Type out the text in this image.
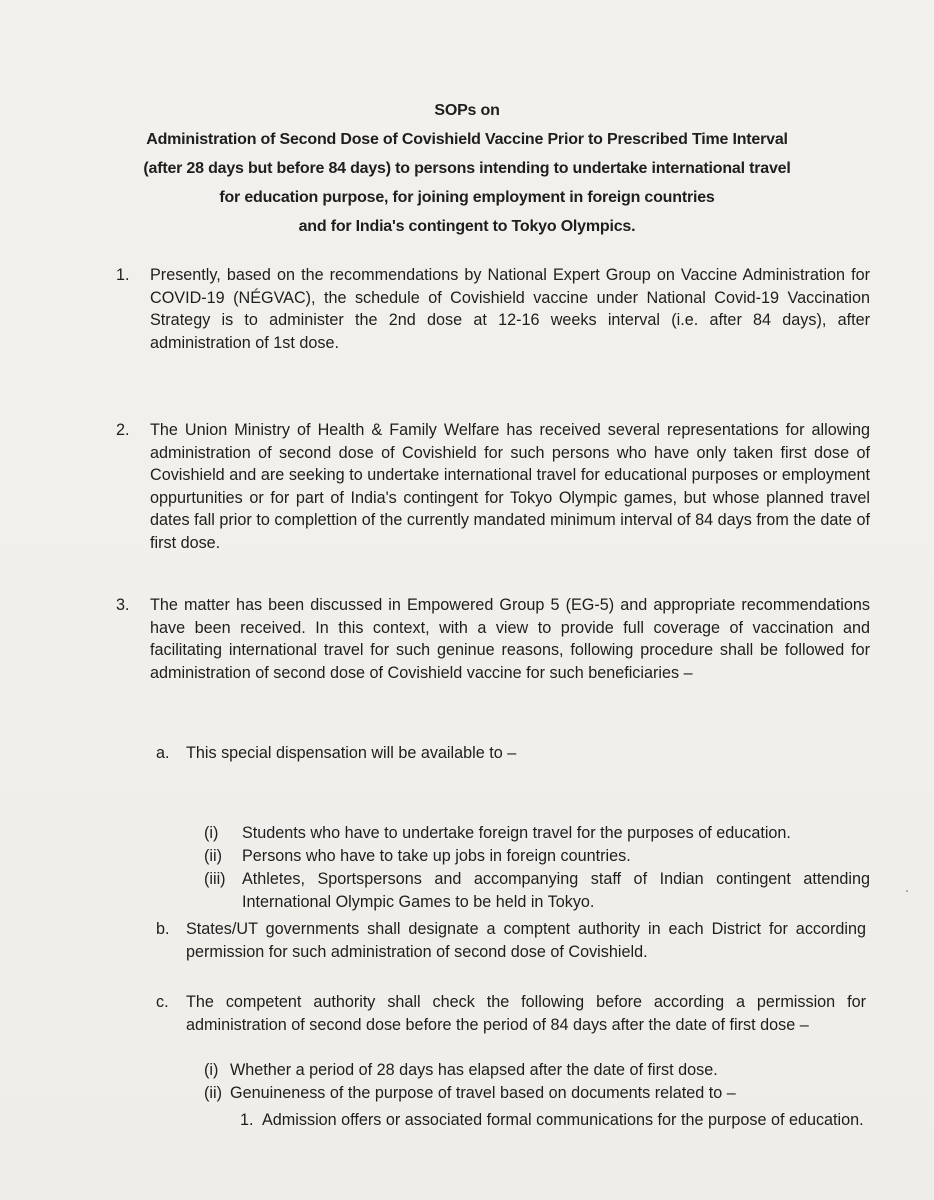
SOPs on
Administration of Second Dose of Covishield Vaccine Prior to Prescribed Time Interval
(after 28 days but before 84 days) to persons intending to undertake international travel
for education purpose, for joining employment in foreign countries
and for India's contingent to Tokyo Olympics.
1. Presently, based on the recommendations by National Expert Group on Vaccine Administration for COVID-19 (NÉGVAC), the schedule of Covishield vaccine under National Covid-19 Vaccination Strategy is to administer the 2nd dose at 12-16 weeks interval (i.e. after 84 days), after administration of 1st dose.
2. The Union Ministry of Health & Family Welfare has received several representations for allowing administration of second dose of Covishield for such persons who have only taken first dose of Covishield and are seeking to undertake international travel for educational purposes or employment oppurtunities or for part of India's contingent for Tokyo Olympic games, but whose planned travel dates fall prior to complettion of the currently mandated minimum interval of 84 days from the date of first dose.
3. The matter has been discussed in Empowered Group 5 (EG-5) and appropriate recommendations have been received. In this context, with a view to provide full coverage of vaccination and facilitating international travel for such geninue reasons, following procedure shall be followed for administration of second dose of Covishield vaccine for such beneficiaries –
a. This special dispensation will be available to –
(i) Students who have to undertake foreign travel for the purposes of education.
(ii) Persons who have to take up jobs in foreign countries.
(iii) Athletes, Sportspersons and accompanying staff of Indian contingent attending International Olympic Games to be held in Tokyo.
b. States/UT governments shall designate a comptent authority in each District for according permission for such administration of second dose of Covishield.
c. The competent authority shall check the following before according a permission for administration of second dose before the period of 84 days after the date of first dose –
(i) Whether a period of 28 days has elapsed after the date of first dose.
(ii) Genuineness of the purpose of travel based on documents related to –
1. Admission offers or associated formal communications for the purpose of education.
